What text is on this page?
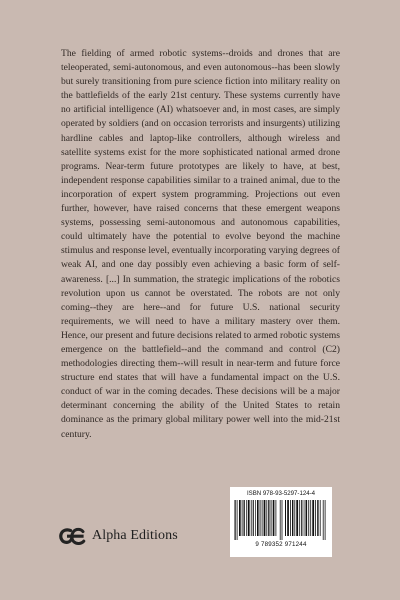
The fielding of armed robotic systems--droids and drones that are teleoperated, semi-autonomous, and even autonomous--has been slowly but surely transitioning from pure science fiction into military reality on the battlefields of the early 21st century. These systems currently have no artificial intelligence (AI) whatsoever and, in most cases, are simply operated by soldiers (and on occasion terrorists and insurgents) utilizing hardline cables and laptop-like controllers, although wireless and satellite systems exist for the more sophisticated national armed drone programs. Near-term future prototypes are likely to have, at best, independent response capabilities similar to a trained animal, due to the incorporation of expert system programming. Projections out even further, however, have raised concerns that these emergent weapons systems, possessing semi-autonomous and autonomous capabilities, could ultimately have the potential to evolve beyond the machine stimulus and response level, eventually incorporating varying degrees of weak AI, and one day possibly even achieving a basic form of self-awareness. [...] In summation, the strategic implications of the robotics revolution upon us cannot be overstated. The robots are not only coming--they are here--and for future U.S. national security requirements, we will need to have a military mastery over them. Hence, our present and future decisions related to armed robotic systems emergence on the battlefield--and the command and control (C2) methodologies directing them--will result in near-term and future force structure end states that will have a fundamental impact on the U.S. conduct of war in the coming decades. These decisions will be a major determinant concerning the ability of the United States to retain dominance as the primary global military power well into the mid-21st century.

Alpha Editions

ISBN 978-93-5297-124-4

9 789352 971244
